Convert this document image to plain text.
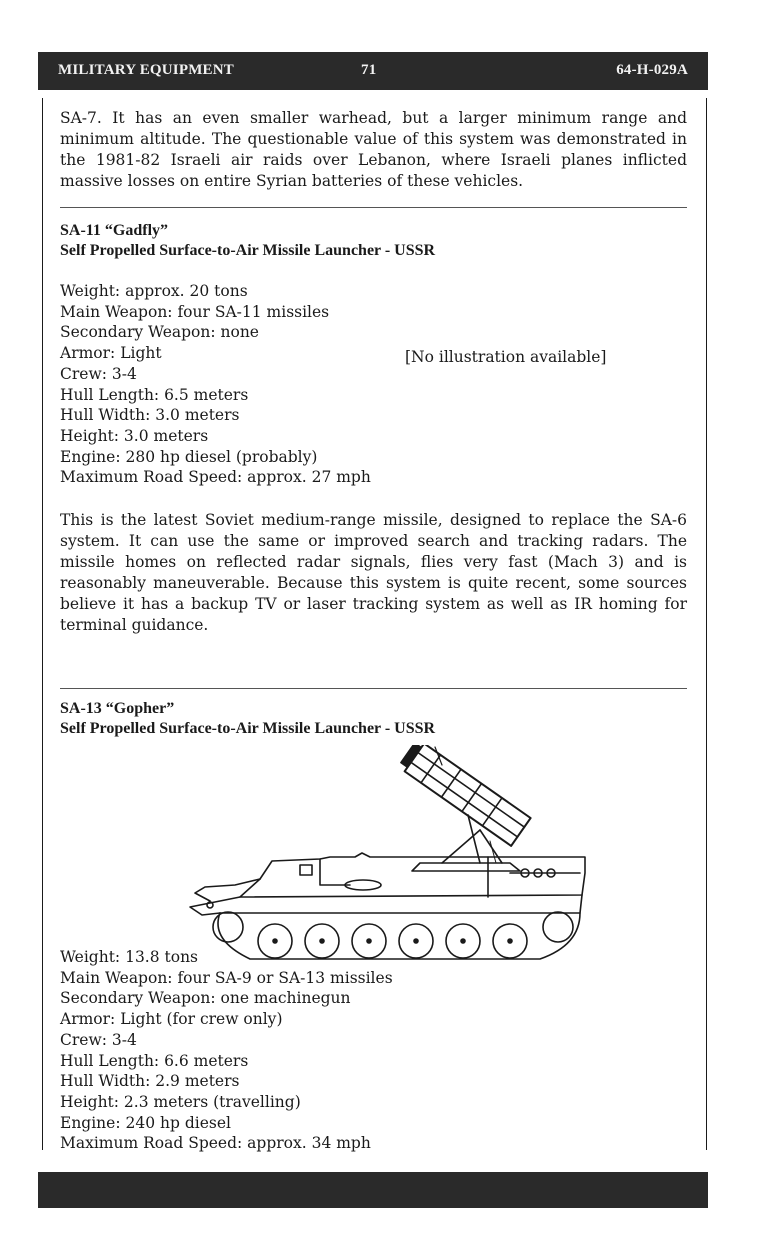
MILITARY EQUIPMENT	71	64-H-029A

SA-7. It has an even smaller warhead, but a larger minimum range and minimum altitude. The questionable value of this system was demonstrated in the 1981-82 Israeli air raids over Lebanon, where Israeli planes inflicted massive losses on entire Syrian batteries of these vehicles.

SA-11 “Gadfly”
Self Propelled Surface-to-Air Missile Launcher - USSR
Weight: approx. 20 tons
Main Weapon: four SA-11 missiles
Secondary Weapon: none
Armor: Light
Crew: 3-4
Hull Length: 6.5 meters
Hull Width: 3.0 meters
Height: 3.0 meters
Engine: 280 hp diesel (probably)
Maximum Road Speed: approx. 27 mph
[No illustration available]

This is the latest Soviet medium-range missile, designed to replace the SA-6 system. It can use the same or improved search and tracking radars. The missile homes on reflected radar signals, flies very fast (Mach 3) and is reasonably maneuverable. Because this system is quite recent, some sources believe it has a backup TV or laser tracking system as well as IR homing for terminal guidance.

SA-13 “Gopher”
Self Propelled Surface-to-Air Missile Launcher - USSR
Weight: 13.8 tons
Main Weapon: four SA-9 or SA-13 missiles
Secondary Weapon: one machinegun
Armor: Light (for crew only)
Crew: 3-4
Hull Length: 6.6 meters
Hull Width: 2.9 meters
Height: 2.3 meters (travelling)
Engine: 240 hp diesel
Maximum Road Speed: approx. 34 mph
